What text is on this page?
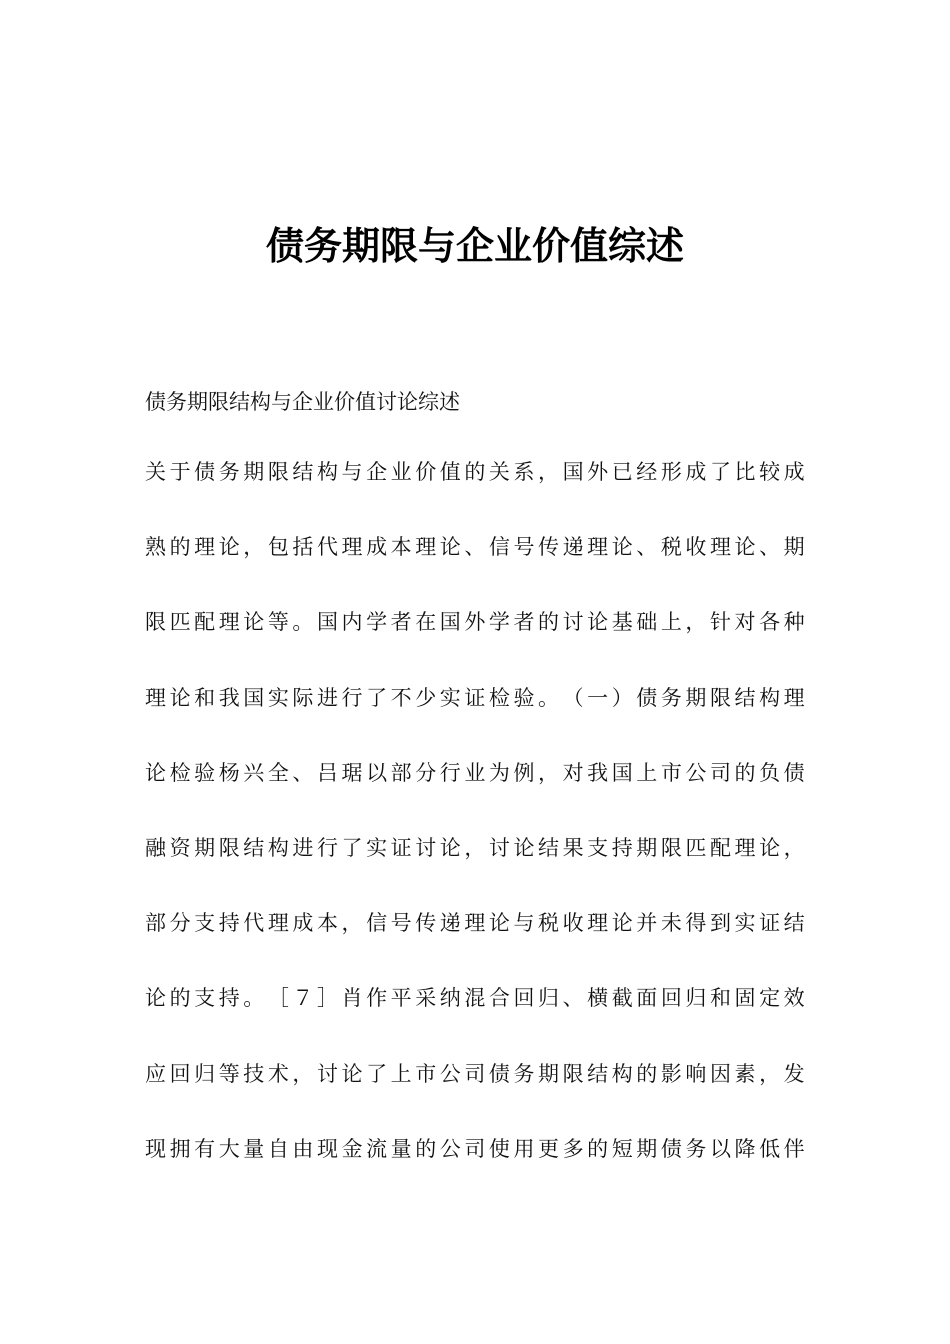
债务期限与企业价值综述
债务期限结构与企业价值讨论综述
关 于 债 务 期 限 结 构 与 企 业 价 值 的 关 系 ， 国 外 已 经 形 成 了 比 较 成
熟 的 理 论 ， 包 括 代 理 成 本 理 论 、 信 号 传 递 理 论 、 税 收 理 论 、 期
限 匹 配 理 论 等 。 国 内 学 者 在 国 外 学 者 的 讨 论 基 础 上 ， 针 对 各 种
理 论 和 我 国 实 际 进 行 了 不 少 实 证 检 验 。 （ 一 ） 债 务 期 限 结 构 理
论 检 验 杨 兴 全 、 吕 琚 以 部 分 行 业 为 例 ， 对 我 国 上 市 公 司 的 负 债
融 资 期 限 结 构 进 行 了 实 证 讨 论 ， 讨 论 结 果 支 持 期 限 匹 配 理 论 ，
部 分 支 持 代 理 成 本 ， 信 号 传 递 理 论 与 税 收 理 论 并 未 得 到 实 证 结
论 的 支 持 。 ［ ７ ］ 肖 作 平 采 纳 混 合 回 归 、 横 截 面 回 归 和 固 定 效
应 回 归 等 技 术 ， 讨 论 了 上 市 公 司 债 务 期 限 结 构 的 影 响 因 素 ， 发
现 拥 有 大 量 自 由 现 金 流 量 的 公 司 使 用 更 多 的 短 期 债 务 以 降 低 伴
